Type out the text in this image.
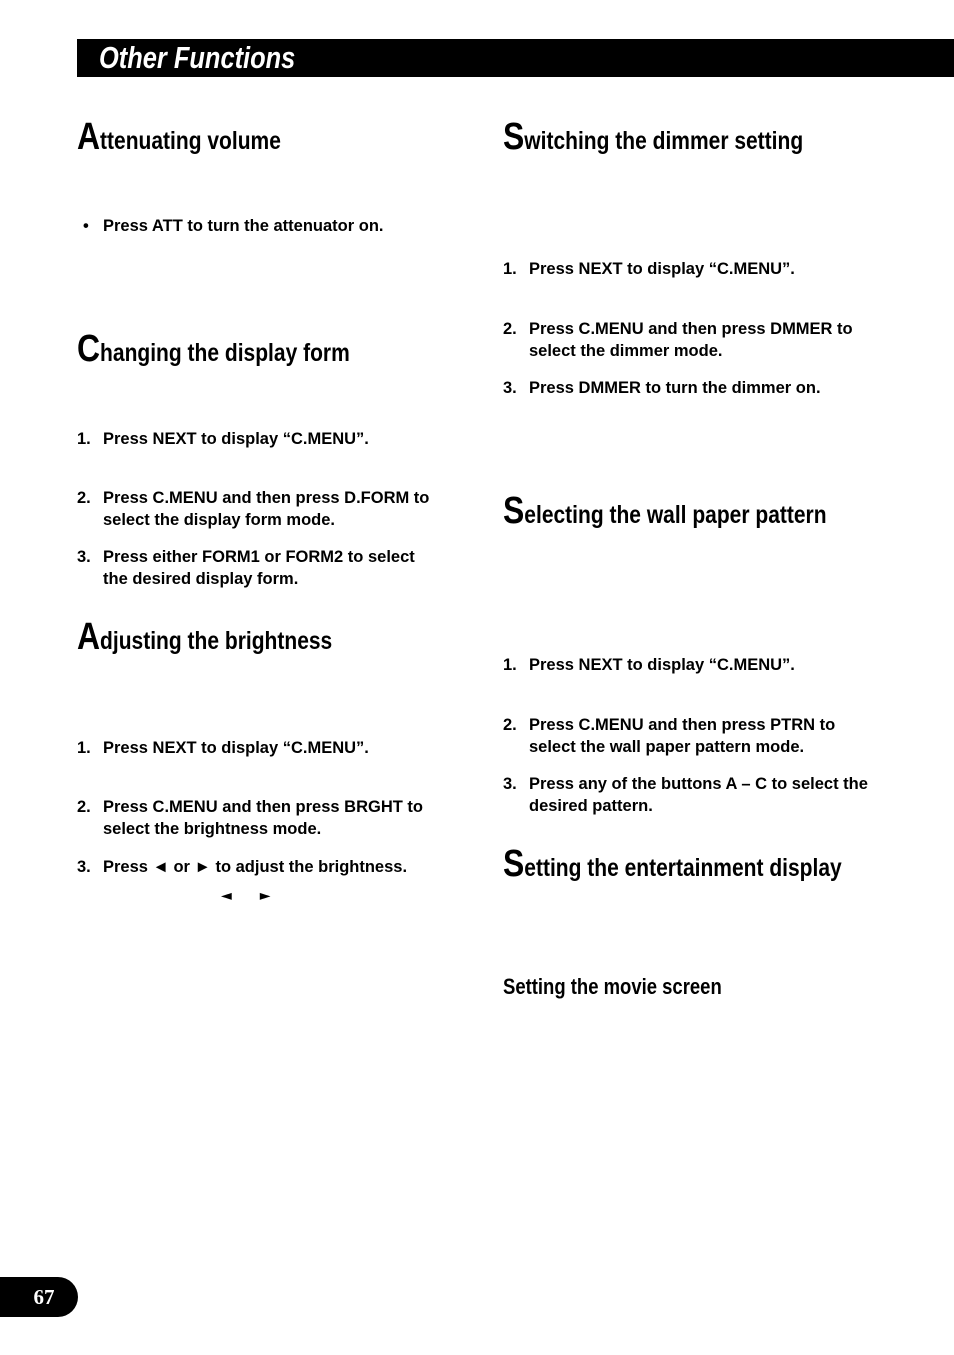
Other Functions
Attenuating volume
• Press ATT to turn the attenuator on.
Changing the display form
1. Press NEXT to display “C.MENU”.
2. Press C.MENU and then press D.FORM to select the display form mode.
3. Press either FORM1 or FORM2 to select the desired display form.
Adjusting the brightness
1. Press NEXT to display “C.MENU”.
2. Press C.MENU and then press BRGHT to select the brightness mode.
3. Press ◄ or ► to adjust the brightness.
◄ ►
Switching the dimmer setting
1. Press NEXT to display “C.MENU”.
2. Press C.MENU and then press DMMER to select the dimmer mode.
3. Press DMMER to turn the dimmer on.
Selecting the wall paper pattern
1. Press NEXT to display “C.MENU”.
2. Press C.MENU and then press PTRN to select the wall paper pattern mode.
3. Press any of the buttons A – C to select the desired pattern.
Setting the entertainment display
Setting the movie screen
67
